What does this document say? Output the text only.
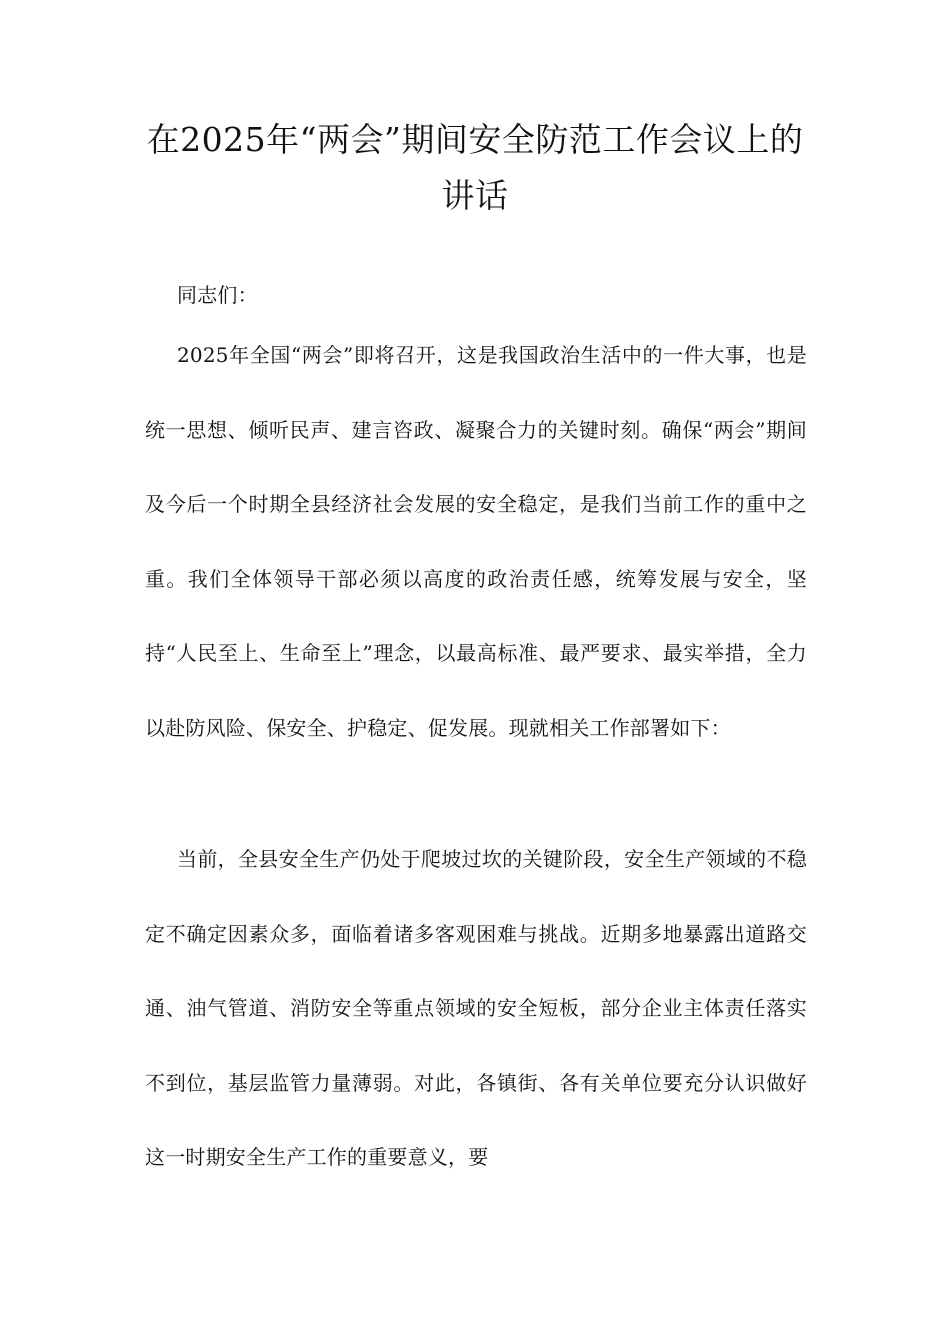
在2025年“两会”期间安全防范工作会议上的讲话

同志们：

2025年全国“两会”即将召开，这是我国政治生活中的一件大事，也是统一思想、倾听民声、建言咨政、凝聚合力的关键时刻。确保“两会”期间及今后一个时期全县经济社会发展的安全稳定，是我们当前工作的重中之重。我们全体领导干部必须以高度的政治责任感，统筹发展与安全，坚持“人民至上、生命至上”理念，以最高标准、最严要求、最实举措，全力以赴防风险、保安全、护稳定、促发展。现就相关工作部署如下：

当前，全县安全生产仍处于爬坡过坎的关键阶段，安全生产领域的不稳定不确定因素众多，面临着诸多客观困难与挑战。近期多地暴露出道路交通、油气管道、消防安全等重点领域的安全短板，部分企业主体责任落实不到位，基层监管力量薄弱。对此，各镇街、各有关单位要充分认识做好这一时期安全生产工作的重要意义，要
